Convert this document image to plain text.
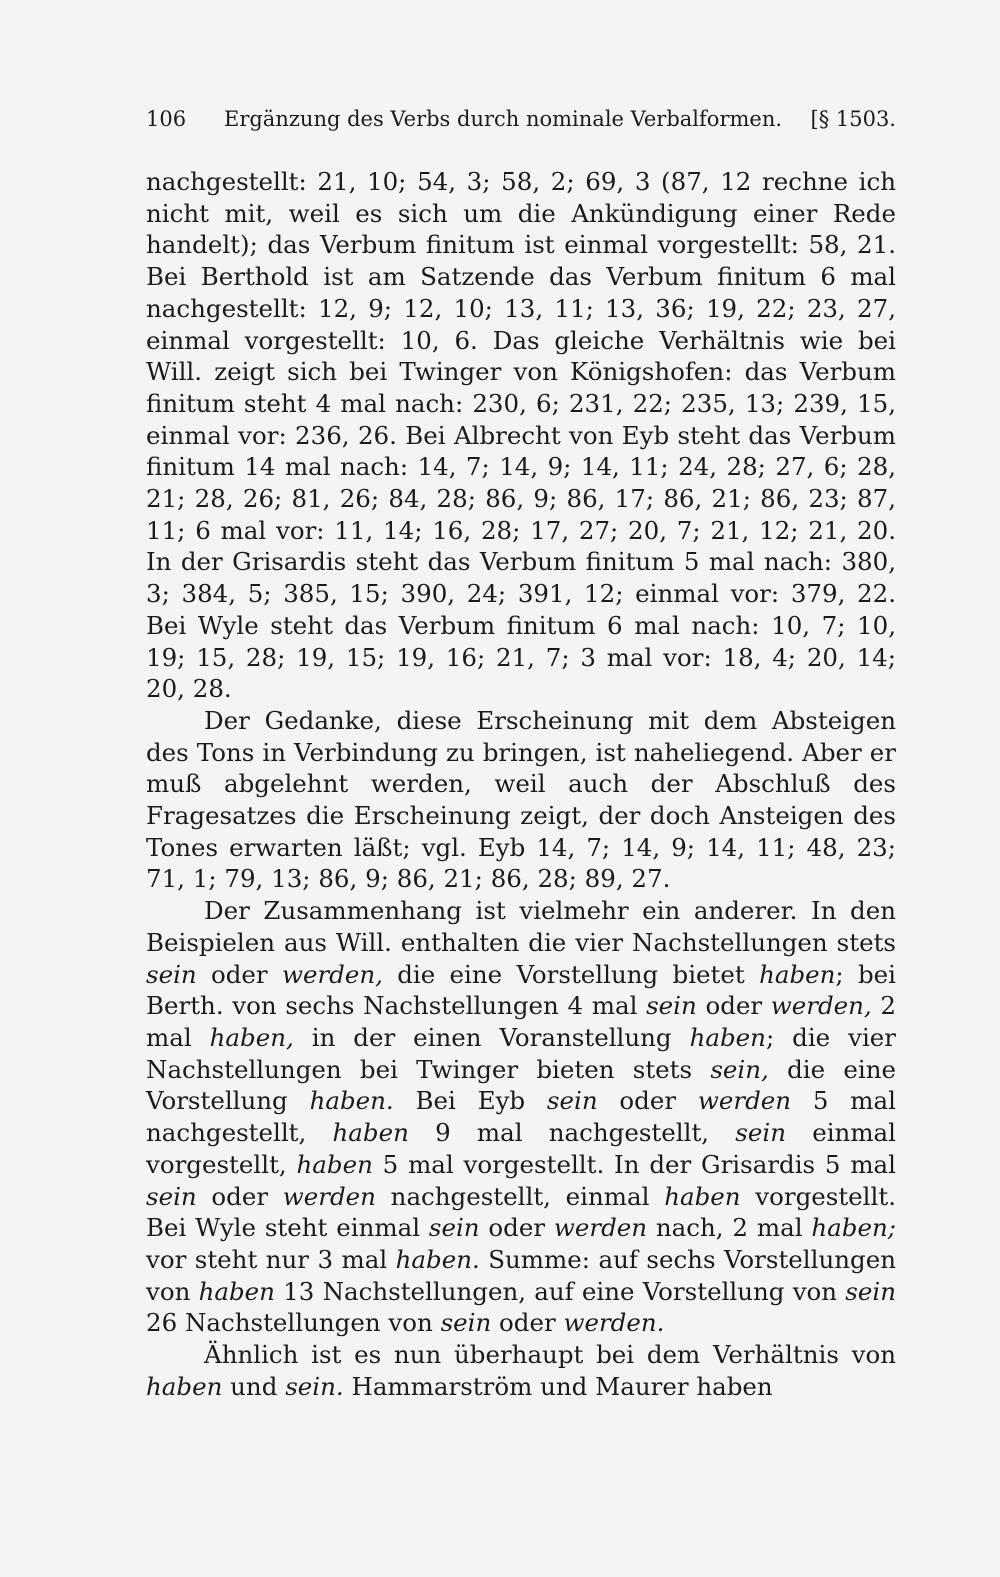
106 Ergänzung des Verbs durch nominale Verbalformen. [§ 1503.

nachgestellt: 21, 10; 54, 3; 58, 2; 69, 3 (87, 12 rechne ich nicht mit, weil es sich um die Ankündigung einer Rede handelt); das Verbum finitum ist einmal vorgestellt: 58, 21. Bei Berthold ist am Satzende das Verbum finitum 6 mal nachgestellt: 12, 9; 12, 10; 13, 11; 13, 36; 19, 22; 23, 27, einmal vorgestellt: 10, 6. Das gleiche Verhältnis wie bei Will. zeigt sich bei Twinger von Königshofen: das Verbum finitum steht 4 mal nach: 230, 6; 231, 22; 235, 13; 239, 15, einmal vor: 236, 26. Bei Albrecht von Eyb steht das Verbum finitum 14 mal nach: 14, 7; 14, 9; 14, 11; 24, 28; 27, 6; 28, 21; 28, 26; 81, 26; 84, 28; 86, 9; 86, 17; 86, 21; 86, 23; 87, 11; 6 mal vor: 11, 14; 16, 28; 17, 27; 20, 7; 21, 12; 21, 20. In der Grisardis steht das Verbum finitum 5 mal nach: 380, 3; 384, 5; 385, 15; 390, 24; 391, 12; einmal vor: 379, 22. Bei Wyle steht das Verbum finitum 6 mal nach: 10, 7; 10, 19; 15, 28; 19, 15; 19, 16; 21, 7; 3 mal vor: 18, 4; 20, 14; 20, 28.

Der Gedanke, diese Erscheinung mit dem Absteigen des Tons in Verbindung zu bringen, ist naheliegend. Aber er muß abgelehnt werden, weil auch der Abschluß des Fragesatzes die Erscheinung zeigt, der doch Ansteigen des Tones erwarten läßt; vgl. Eyb 14, 7; 14, 9; 14, 11; 48, 23; 71, 1; 79, 13; 86, 9; 86, 21; 86, 28; 89, 27.

Der Zusammenhang ist vielmehr ein anderer. In den Beispielen aus Will. enthalten die vier Nachstellungen stets sein oder werden, die eine Vorstellung bietet haben; bei Berth. von sechs Nachstellungen 4 mal sein oder werden, 2 mal haben, in der einen Voranstellung haben; die vier Nachstellungen bei Twinger bieten stets sein, die eine Vorstellung haben. Bei Eyb sein oder werden 5 mal nachgestellt, haben 9 mal nachgestellt, sein einmal vorgestellt, haben 5 mal vorgestellt. In der Grisardis 5 mal sein oder werden nachgestellt, einmal haben vorgestellt. Bei Wyle steht einmal sein oder werden nach, 2 mal haben; vor steht nur 3 mal haben. Summe: auf sechs Vorstellungen von haben 13 Nachstellungen, auf eine Vorstellung von sein 26 Nachstellungen von sein oder werden.

Ähnlich ist es nun überhaupt bei dem Verhältnis von haben und sein. Hammarström und Maurer haben
